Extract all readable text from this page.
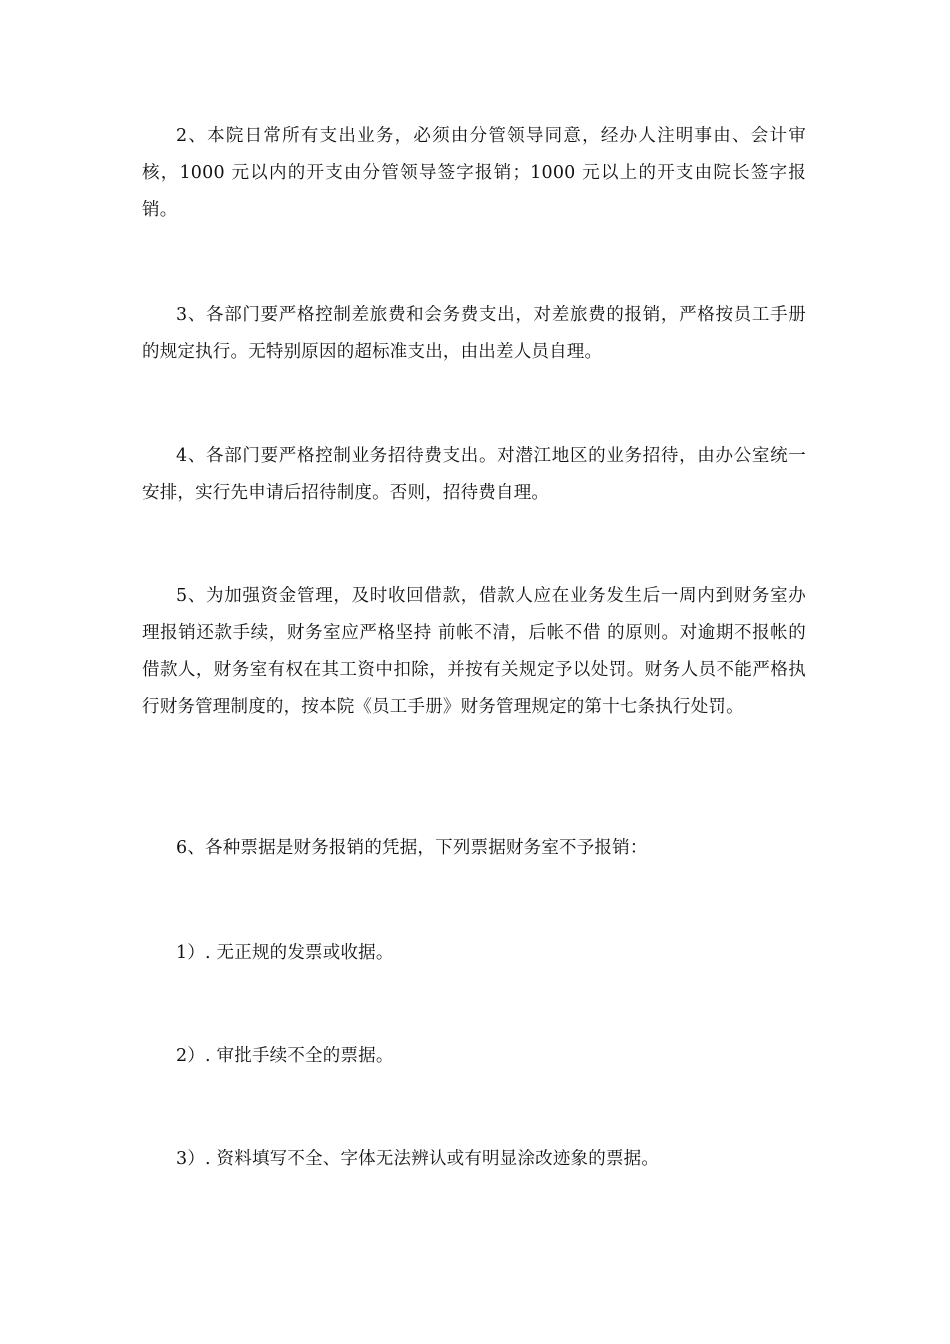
2、本院日常所有支出业务，必须由分管领导同意，经办人注明事由、会计审核，1000 元以内的开支由分管领导签字报销；1000 元以上的开支由院长签字报销。

3、各部门要严格控制差旅费和会务费支出，对差旅费的报销，严格按员工手册的规定执行。无特别原因的超标准支出，由出差人员自理。

4、各部门要严格控制业务招待费支出。对潜江地区的业务招待，由办公室统一安排，实行先申请后招待制度。否则，招待费自理。

5、为加强资金管理，及时收回借款，借款人应在业务发生后一周内到财务室办理报销还款手续，财务室应严格坚持 前帐不清，后帐不借 的原则。对逾期不报帐的借款人，财务室有权在其工资中扣除，并按有关规定予以处罚。财务人员不能严格执行财务管理制度的，按本院《员工手册》财务管理规定的第十七条执行处罚。

6、各种票据是财务报销的凭据，下列票据财务室不予报销：

1）. 无正规的发票或收据。

2）. 审批手续不全的票据。

3）. 资料填写不全、字体无法辨认或有明显涂改迹象的票据。
